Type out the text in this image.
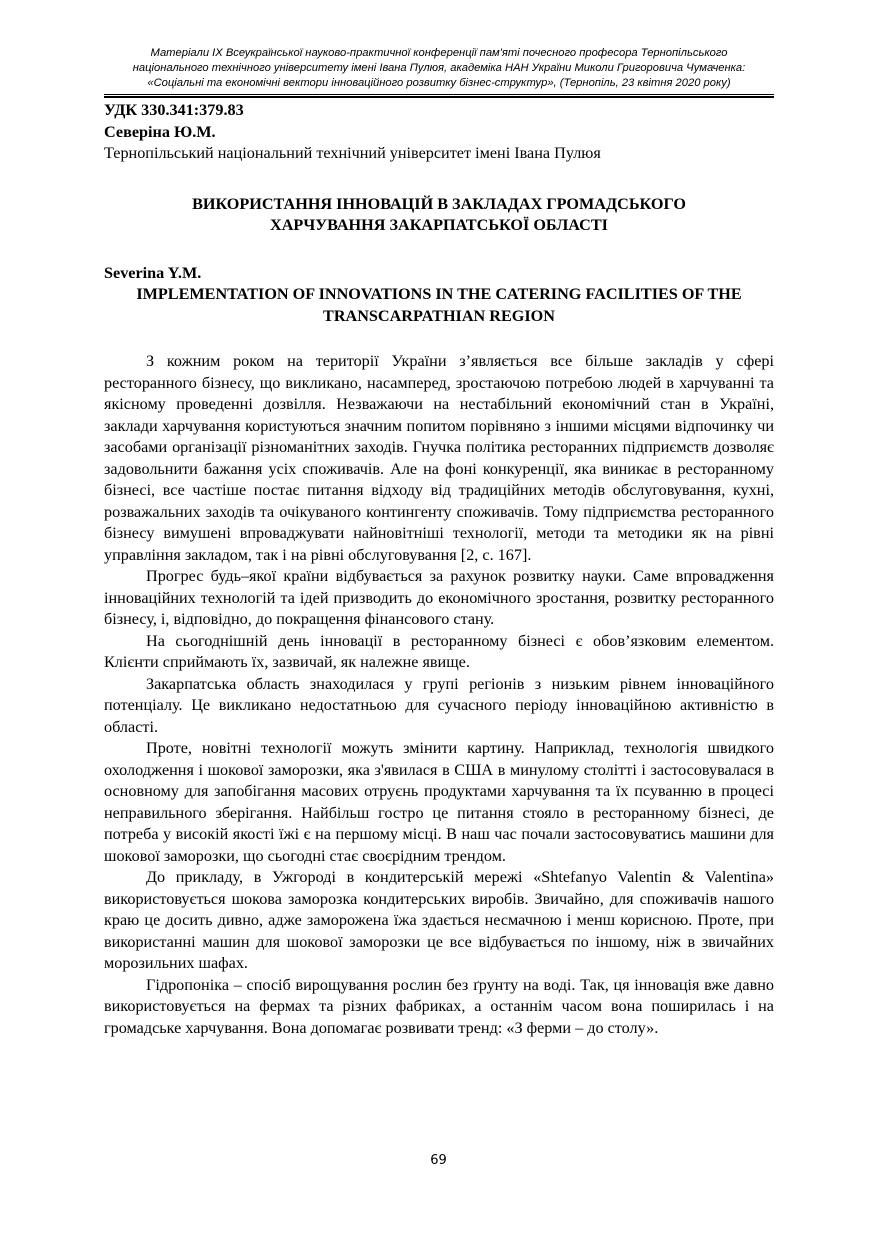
Матеріали ІХ Всеукраїнської науково-практичної конференції пам'яті почесного професора Тернопільського
національного технічного університету імені Івана Пулюя, академіка НАН України Миколи Григоровича Чумаченка:
«Соціальні та економічні вектори інноваційного розвитку бізнес-структур», (Тернопіль, 23 квітня 2020 року)

УДК 330.341:379.83

Северіна Ю.М.

Тернопільський національний технічний університет імені Івана Пулюя

ВИКОРИСТАННЯ ІННОВАЦІЙ В ЗАКЛАДАХ ГРОМАДСЬКОГО ХАРЧУВАННЯ ЗАКАРПАТСЬКОЇ ОБЛАСТІ

Severina Y.M.

IMPLEMENTATION OF INNOVATIONS IN THE CATERING FACILITIES OF THE TRANSCARPATHIAN REGION

З кожним роком на території України з’являється все більше закладів у сфері ресторанного бізнесу, що викликано, насамперед, зростаючою потребою людей в харчуванні та якісному проведенні дозвілля. Незважаючи на нестабільний економічний стан в Україні, заклади харчування користуються значним попитом порівняно з іншими місцями відпочинку чи засобами організації різноманітних заходів. Гнучка політика ресторанних підприємств дозволяє задовольнити бажання усіх споживачів. Але на фоні конкуренції, яка виникає в ресторанному бізнесі, все частіше постає питання відходу від традиційних методів обслуговування, кухні, розважальних заходів та очікуваного контингенту споживачів. Тому підприємства ресторанного бізнесу вимушені впроваджувати найновітніші технології, методи та методики як на рівні управління закладом, так і на рівні обслуговування [2, с. 167].

Прогрес будь–якої країни відбувається за рахунок розвитку науки. Саме впровадження інноваційних технологій та ідей призводить до економічного зростання, розвитку ресторанного бізнесу, і, відповідно, до покращення фінансового стану.

На сьогоднішній день інновації в ресторанному бізнесі є обов’язковим елементом. Клієнти сприймають їх, зазвичай, як належне явище.

Закарпатська область знаходилася у групі регіонів з низьким рівнем інноваційного потенціалу. Це викликано недостатньою для сучасного періоду інноваційною активністю в області.

Проте, новітні технології можуть змінити картину. Наприклад, технологія швидкого охолодження і шокової заморозки, яка з'явилася в США в минулому столітті і застосовувалася в основному для запобігання масових отруєнь продуктами харчування та їх псуванню в процесі неправильного зберігання. Найбільш гостро це питання стояло в ресторанному бізнесі, де потреба у високій якості їжі є на першому місці. В наш час почали застосовуватись машини для шокової заморозки, що сьогодні стає своєрідним трендом.

До прикладу, в Ужгороді в кондитерській мережі «Shtefanyo Valentin & Valentina» використовується шокова заморозка кондитерських виробів. Звичайно, для споживачів нашого краю це досить дивно, адже заморожена їжа здається несмачною і менш корисною. Проте, при використанні машин для шокової заморозки це все відбувається по іншому, ніж в звичайних морозильних шафах.

Гідропоніка – спосіб вирощування рослин без ґрунту на воді. Так, ця інновація вже давно використовується на фермах та різних фабриках, а останнім часом вона поширилась і на громадське харчування. Вона допомагає розвивати тренд: «З ферми – до столу».

69
